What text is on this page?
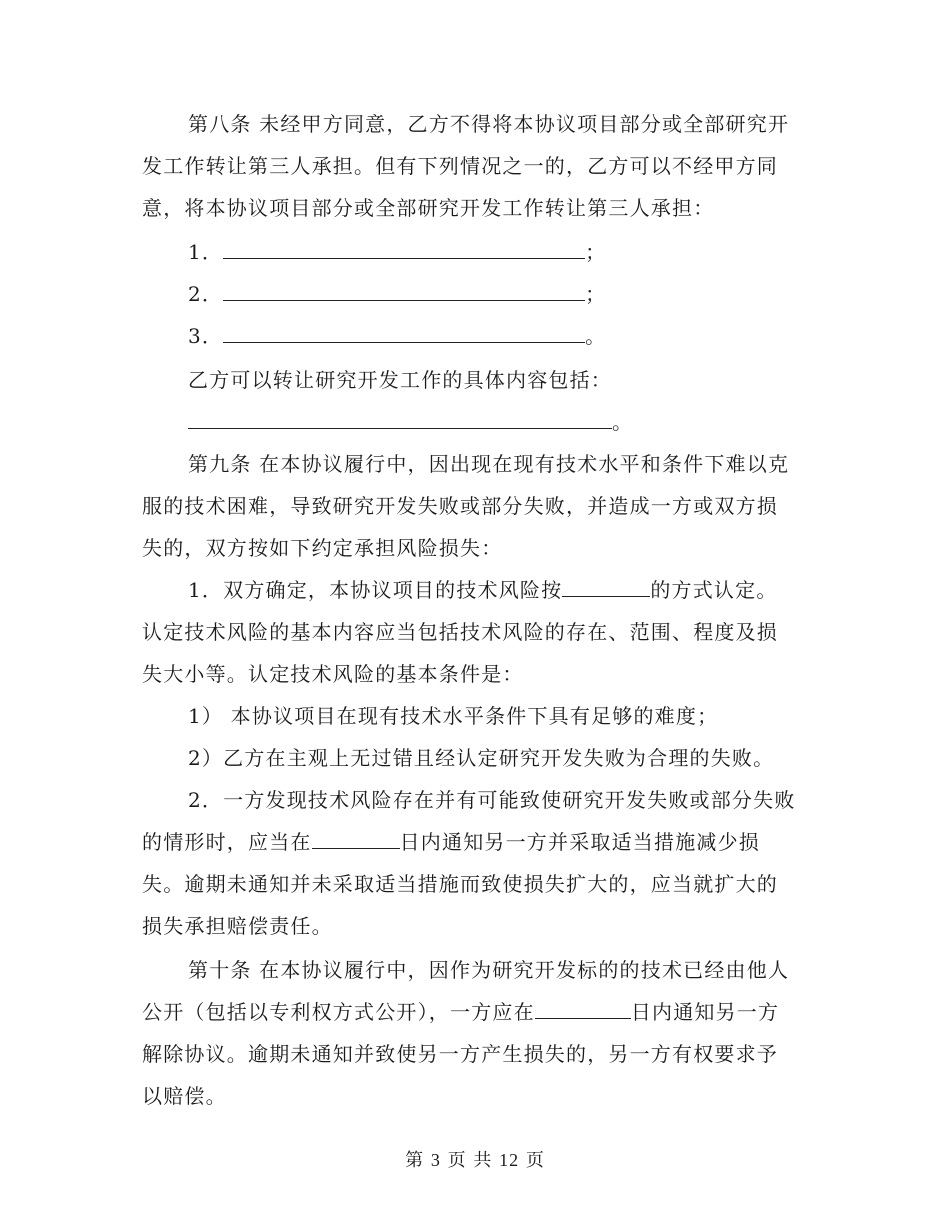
第八条 未经甲方同意，乙方不得将本协议项目部分或全部研究开
发工作转让第三人承担。但有下列情况之一的，乙方可以不经甲方同
意，将本协议项目部分或全部研究开发工作转让第三人承担：
1．	；
2．	；
3．	。
乙方可以转让研究开发工作的具体内容包括：
。
第九条 在本协议履行中，因出现在现有技术水平和条件下难以克
服的技术困难，导致研究开发失败或部分失败，并造成一方或双方损
失的，双方按如下约定承担风险损失：
1．双方确定，本协议项目的技术风险按	的方式认定。
认定技术风险的基本内容应当包括技术风险的存在、范围、程度及损
失大小等。认定技术风险的基本条件是：
1） 本协议项目在现有技术水平条件下具有足够的难度；
2）乙方在主观上无过错且经认定研究开发失败为合理的失败。
2．一方发现技术风险存在并有可能致使研究开发失败或部分失败
的情形时，应当在	日内通知另一方并采取适当措施减少损
失。逾期未通知并未采取适当措施而致使损失扩大的，应当就扩大的
损失承担赔偿责任。
第十条 在本协议履行中，因作为研究开发标的的技术已经由他人
公开（包括以专利权方式公开），一方应在	日内通知另一方
解除协议。逾期未通知并致使另一方产生损失的，另一方有权要求予
以赔偿。
第 3 页 共 12 页
